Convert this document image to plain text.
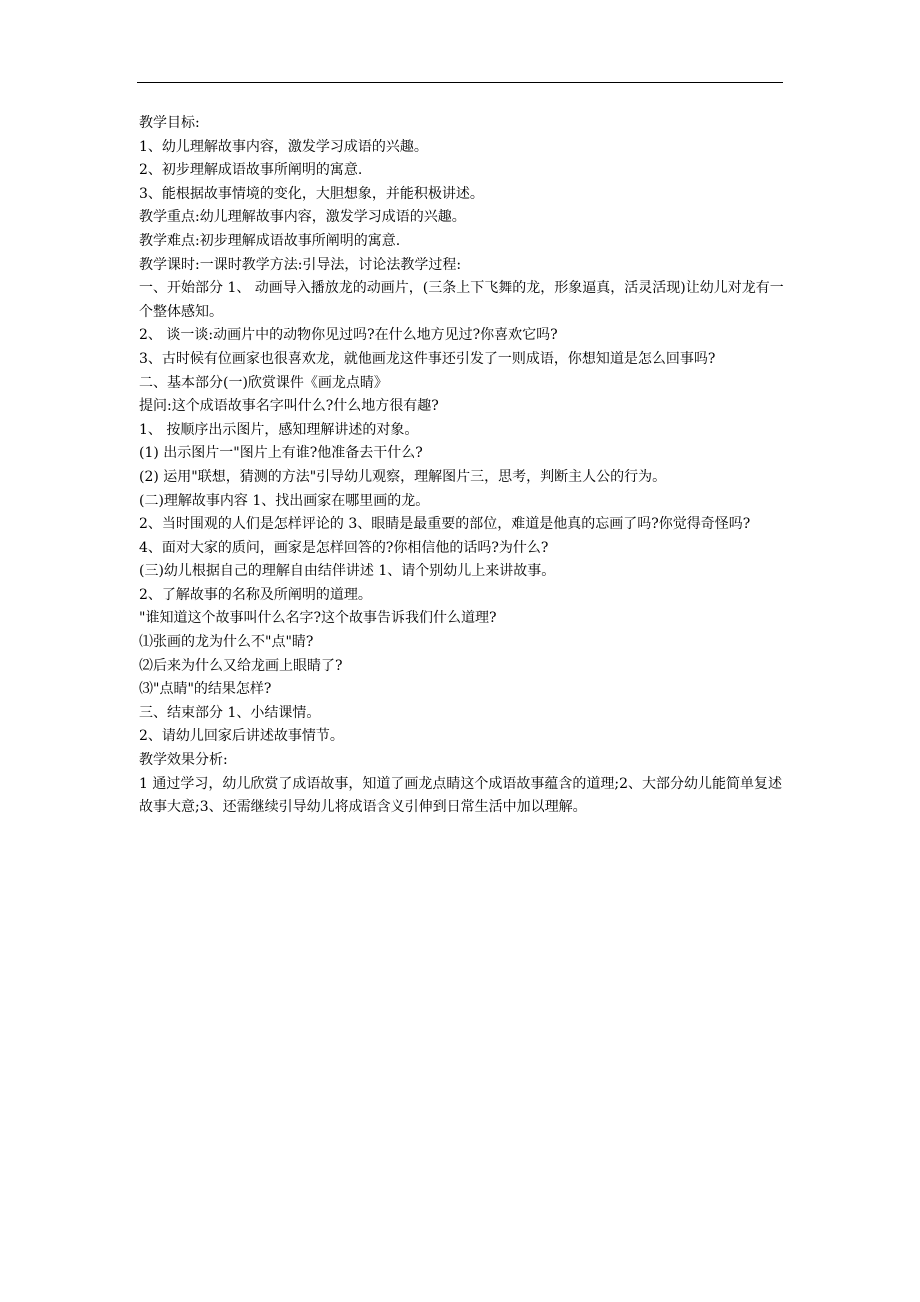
教学目标:

1、幼儿理解故事内容，激发学习成语的兴趣。

2、初步理解成语故事所阐明的寓意.

3、能根据故事情境的变化，大胆想象，并能积极讲述。

教学重点:幼儿理解故事内容，激发学习成语的兴趣。

教学难点:初步理解成语故事所阐明的寓意.

教学课时:一课时教学方法:引导法，讨论法教学过程:

一、开始部分 1、 动画导入播放龙的动画片，(三条上下飞舞的龙，形象逼真，活灵活现)让幼儿对龙有一个整体感知。

2、 谈一谈:动画片中的动物你见过吗?在什么地方见过?你喜欢它吗?

3、古时候有位画家也很喜欢龙，就他画龙这件事还引发了一则成语，你想知道是怎么回事吗?

二、基本部分(一)欣赏课件《画龙点睛》

提问:这个成语故事名字叫什么?什么地方很有趣?

1、 按顺序出示图片，感知理解讲述的对象。

(1) 出示图片一"图片上有谁?他准备去干什么?

(2) 运用"联想，猜测的方法"引导幼儿观察，理解图片三，思考，判断主人公的行为。

(二)理解故事内容 1、找出画家在哪里画的龙。

2、当时围观的人们是怎样评论的 3、眼睛是最重要的部位，难道是他真的忘画了吗?你觉得奇怪吗?

4、面对大家的质问，画家是怎样回答的?你相信他的话吗?为什么?

(三)幼儿根据自己的理解自由结伴讲述 1、请个别幼儿上来讲故事。

2、了解故事的名称及所阐明的道理。

"谁知道这个故事叫什么名字?这个故事告诉我们什么道理?

⑴张画的龙为什么不"点"睛?

⑵后来为什么又给龙画上眼睛了?

⑶"点睛"的结果怎样?

三、结束部分 1、小结课情。

2、请幼儿回家后讲述故事情节。

教学效果分析:

1 通过学习，幼儿欣赏了成语故事，知道了画龙点睛这个成语故事蕴含的道理;2、大部分幼儿能简单复述故事大意;3、还需继续引导幼儿将成语含义引伸到日常生活中加以理解。
